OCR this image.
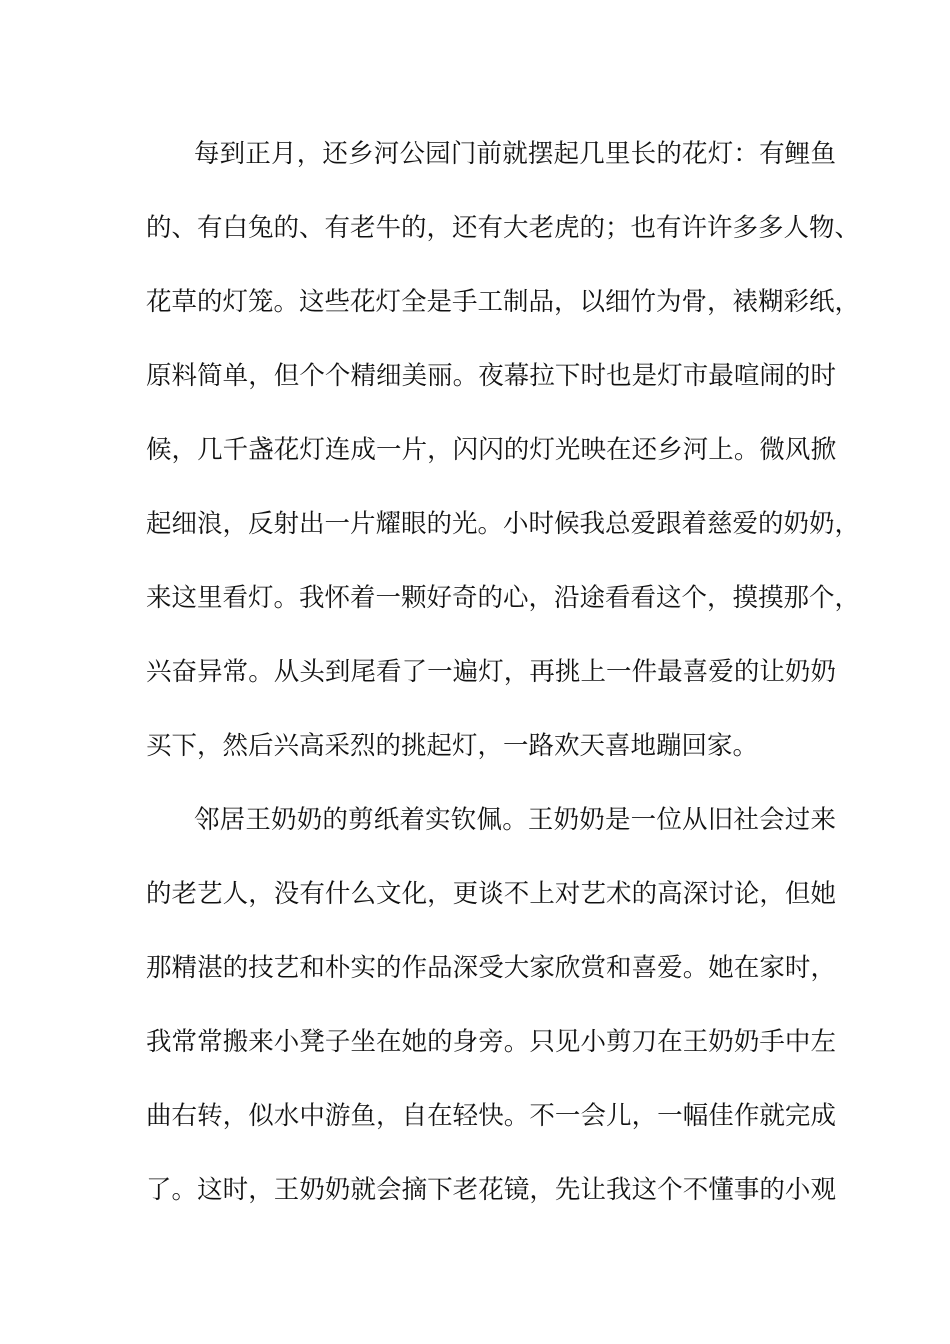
每到正月，还乡河公园门前就摆起几里长的花灯：有鲤鱼
的、有白兔的、有老牛的，还有大老虎的；也有许许多多人物、
花草的灯笼。这些花灯全是手工制品，以细竹为骨，裱糊彩纸，
原料简单，但个个精细美丽。夜幕拉下时也是灯市最喧闹的时
候，几千盏花灯连成一片，闪闪的灯光映在还乡河上。微风掀
起细浪，反射出一片耀眼的光。小时候我总爱跟着慈爱的奶奶，
来这里看灯。我怀着一颗好奇的心，沿途看看这个，摸摸那个，
兴奋异常。从头到尾看了一遍灯，再挑上一件最喜爱的让奶奶
买下，然后兴高采烈的挑起灯，一路欢天喜地蹦回家。
邻居王奶奶的剪纸着实钦佩。王奶奶是一位从旧社会过来
的老艺人，没有什么文化，更谈不上对艺术的高深讨论，但她
那精湛的技艺和朴实的作品深受大家欣赏和喜爱。她在家时，
我常常搬来小凳子坐在她的身旁。只见小剪刀在王奶奶手中左
曲右转，似水中游鱼，自在轻快。不一会儿，一幅佳作就完成
了。这时，王奶奶就会摘下老花镜，先让我这个不懂事的小观
